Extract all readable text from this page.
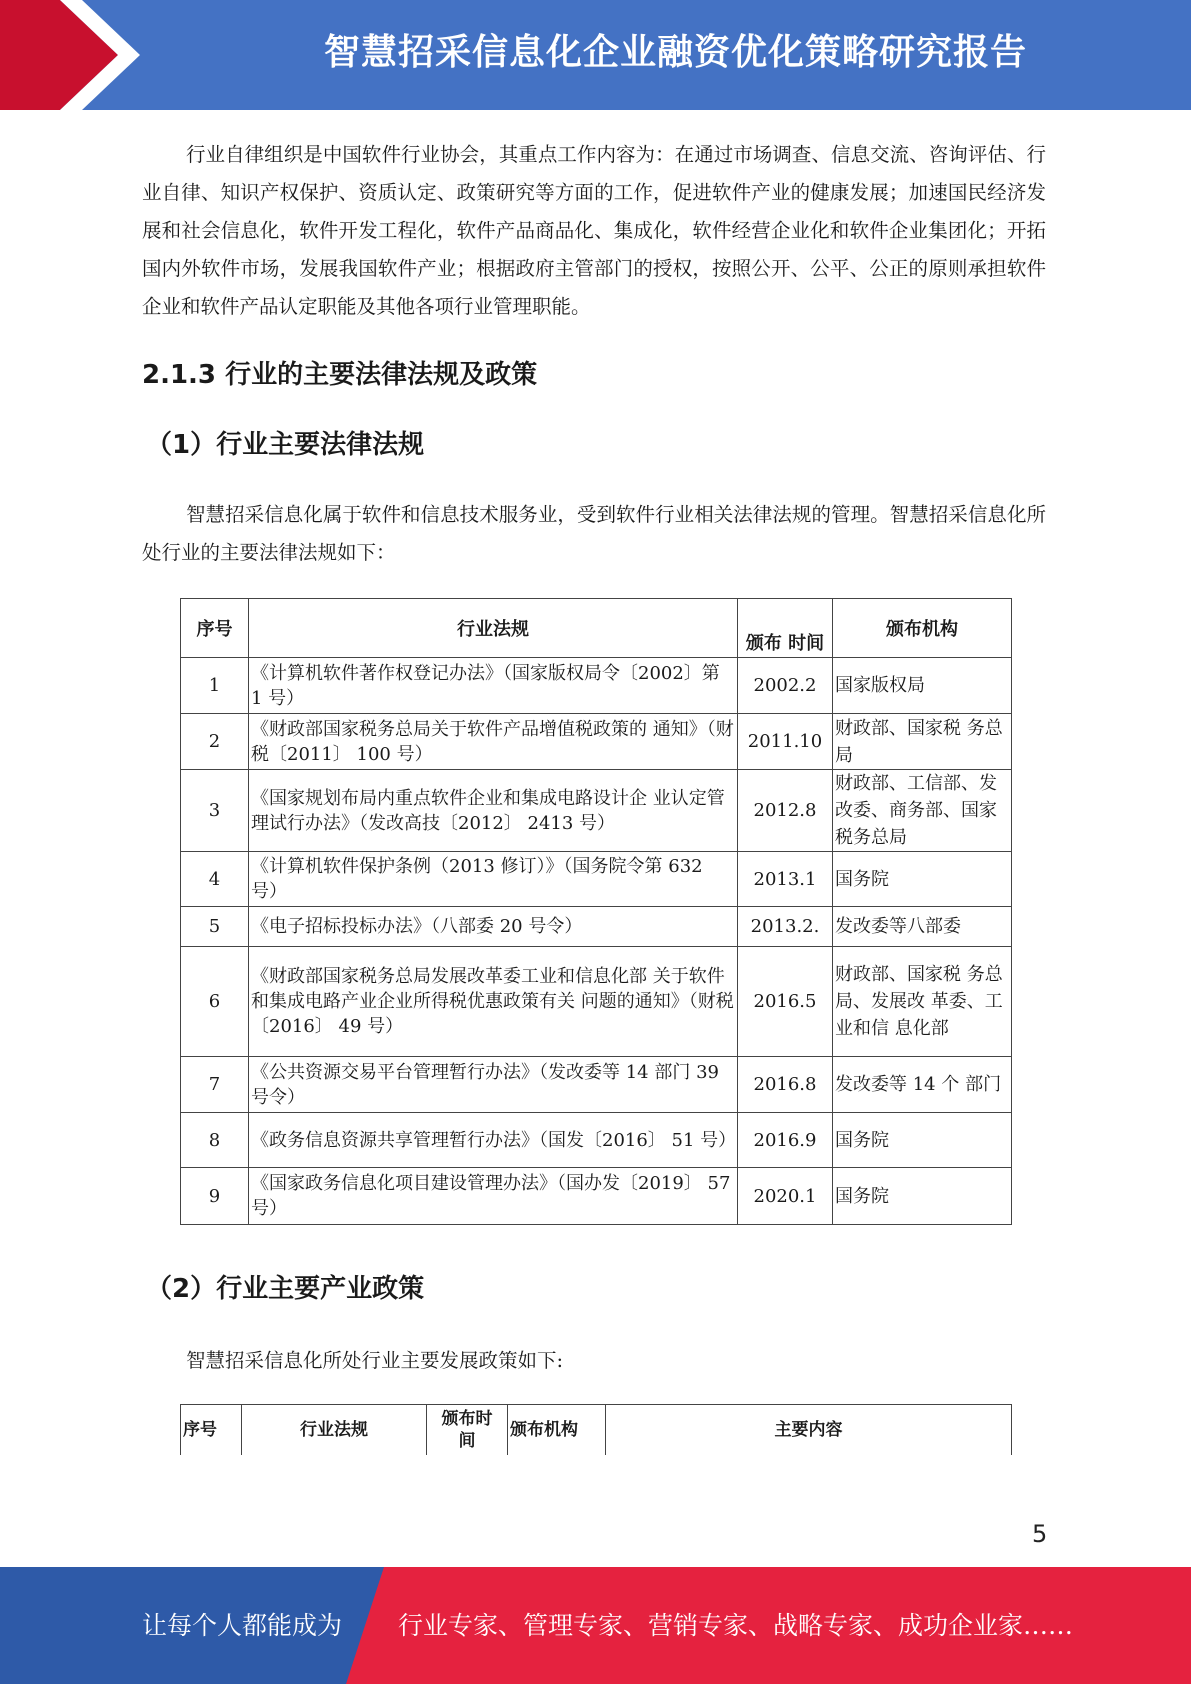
智慧招采信息化企业融资优化策略研究报告
行业自律组织是中国软件行业协会，其重点工作内容为：在通过市场调查、信息交流、咨询评估、行业自律、知识产权保护、资质认定、政策研究等方面的工作，促进软件产业的健康发展；加速国民经济发展和社会信息化，软件开发工程化，软件产品商品化、集成化，软件经营企业化和软件企业集团化；开拓国内外软件市场，发展我国软件产业；根据政府主管部门的授权，按照公开、公平、公正的原则承担软件企业和软件产品认定职能及其他各项行业管理职能。
2.1.3 行业的主要法律法规及政策
（1）行业主要法律法规
智慧招采信息化属于软件和信息技术服务业，受到软件行业相关法律法规的管理。智慧招采信息化所处行业的主要法律法规如下：
序号	行业法规	颁布 时间	颁布机构
1	《计算机软件著作权登记办法》（国家版权局令〔2002〕第 1 号）	2002.2	国家版权局
2	《财政部国家税务总局关于软件产品增值税政策的 通知》（财税〔2011〕 100 号）	2011.10	财政部、国家税 务总局
3	《国家规划布局内重点软件企业和集成电路设计企 业认定管理试行办法》（发改高技〔2012〕 2413 号）	2012.8	财政部、工信部、发改委、商务部、国家税务总局
4	《计算机软件保护条例（2013 修订）》（国务院令第 632 号）	2013.1	国务院
5	《电子招标投标办法》（八部委 20 号令）	2013.2.	发改委等八部委
6	《财政部国家税务总局发展改革委工业和信息化部 关于软件和集成电路产业企业所得税优惠政策有关 问题的通知》（财税〔2016〕 49 号）	2016.5	财政部、国家税 务总局、发展改 革委、工业和信 息化部
7	《公共资源交易平台管理暂行办法》（发改委等 14 部门 39 号令）	2016.8	发改委等 14 个 部门
8	《政务信息资源共享管理暂行办法》（国发〔2016〕 51 号）	2016.9	国务院
9	《国家政务信息化项目建设管理办法》（国办发〔2019〕 57 号）	2020.1	国务院
（2）行业主要产业政策
智慧招采信息化所处行业主要发展政策如下:
序号	行业法规	颁布时间	颁布机构	主要内容
5
让每个人都能成为 行业专家、管理专家、营销专家、战略专家、成功企业家……
